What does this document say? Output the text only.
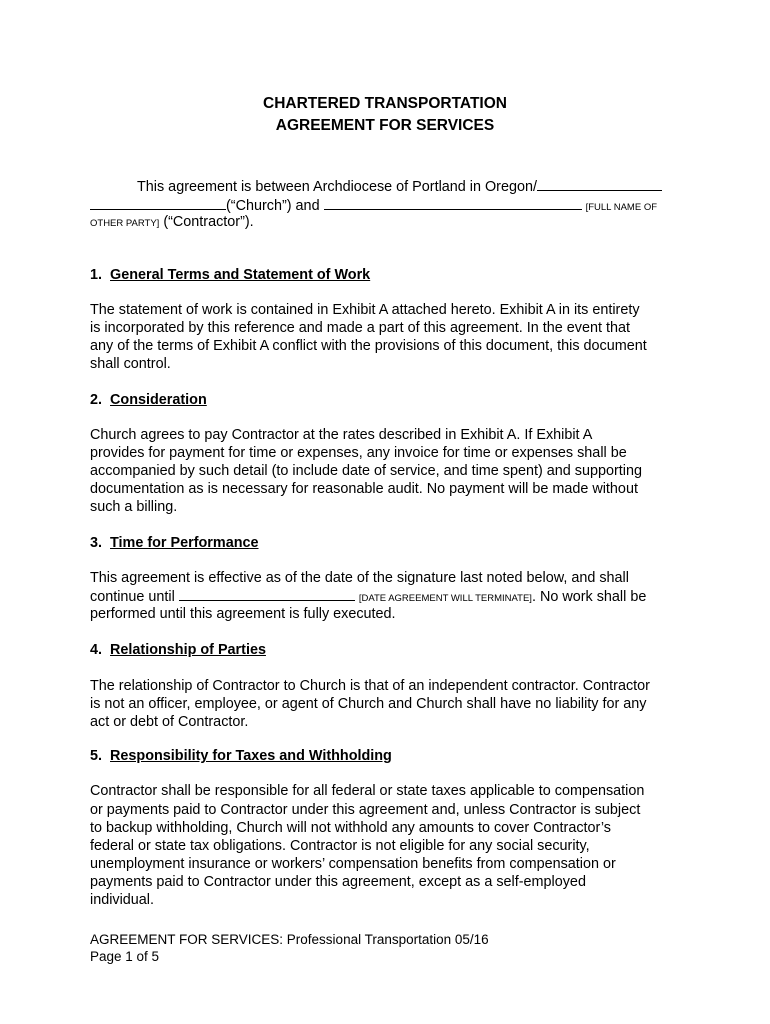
CHARTERED TRANSPORTATION
AGREEMENT FOR SERVICES
This agreement is between Archdiocese of Portland in Oregon/
(“Church”) and	[FULL NAME OF
OTHER PARTY] (“Contractor”).
1. General Terms and Statement of Work
The statement of work is contained in Exhibit A attached hereto. Exhibit A in its entirety
is incorporated by this reference and made a part of this agreement. In the event that
any of the terms of Exhibit A conflict with the provisions of this document, this document
shall control.
2. Consideration
Church agrees to pay Contractor at the rates described in Exhibit A. If Exhibit A
provides for payment for time or expenses, any invoice for time or expenses shall be
accompanied by such detail (to include date of service, and time spent) and supporting
documentation as is necessary for reasonable audit. No payment will be made without
such a billing.
3. Time for Performance
This agreement is effective as of the date of the signature last noted below, and shall
continue until	[DATE AGREEMENT WILL TERMINATE]. No work shall be
performed until this agreement is fully executed.
4. Relationship of Parties
The relationship of Contractor to Church is that of an independent contractor. Contractor
is not an officer, employee, or agent of Church and Church shall have no liability for any
act or debt of Contractor.
5. Responsibility for Taxes and Withholding
Contractor shall be responsible for all federal or state taxes applicable to compensation
or payments paid to Contractor under this agreement and, unless Contractor is subject
to backup withholding, Church will not withhold any amounts to cover Contractor’s
federal or state tax obligations. Contractor is not eligible for any social security,
unemployment insurance or workers’ compensation benefits from compensation or
payments paid to Contractor under this agreement, except as a self-employed
individual.
AGREEMENT FOR SERVICES: Professional Transportation 05/16
Page 1 of 5
